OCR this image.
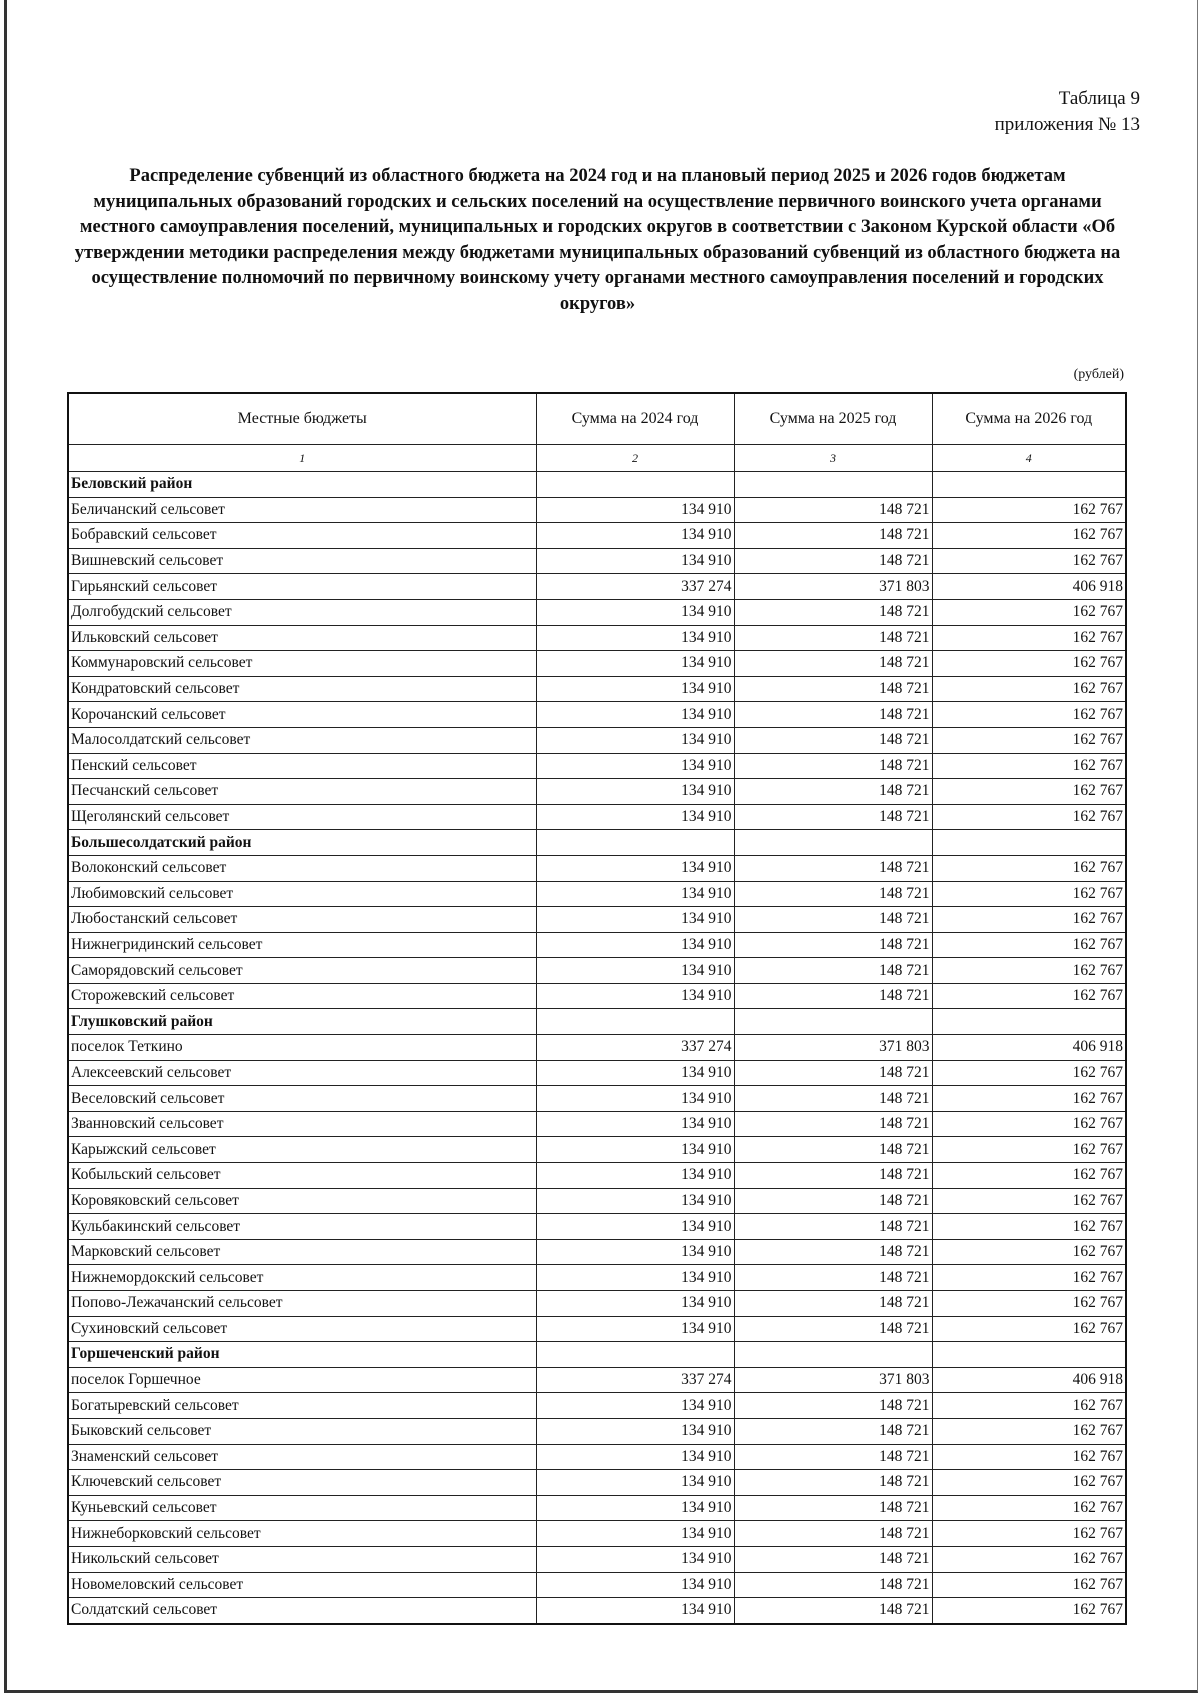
Таблица 9
приложения № 13
Распределение субвенций из областного бюджета на 2024 год и на плановый период 2025 и 2026 годов бюджетам муниципальных образований городских и сельских поселений на осуществление первичного воинского учета органами местного самоуправления поселений, муниципальных и городских округов в соответствии с Законом Курской области «Об утверждении методики распределения между бюджетами муниципальных образований субвенций из областного бюджета на осуществление полномочий по первичному воинскому учету органами местного самоуправления поселений и городских округов»
(рублей)
Местные бюджеты	Сумма на 2024 год	Сумма на 2025 год	Сумма на 2026 год
1	2	3	4
Беловский район			
Беличанский сельсовет	134 910	148 721	162 767
Бобравский сельсовет	134 910	148 721	162 767
Вишневский сельсовет	134 910	148 721	162 767
Гирьянский сельсовет	337 274	371 803	406 918
Долгобудский сельсовет	134 910	148 721	162 767
Ильковский сельсовет	134 910	148 721	162 767
Коммунаровский сельсовет	134 910	148 721	162 767
Кондратовский сельсовет	134 910	148 721	162 767
Корочанский сельсовет	134 910	148 721	162 767
Малосолдатский сельсовет	134 910	148 721	162 767
Пенский сельсовет	134 910	148 721	162 767
Песчанский сельсовет	134 910	148 721	162 767
Щеголянский сельсовет	134 910	148 721	162 767
Большесолдатский район			
Волоконский сельсовет	134 910	148 721	162 767
Любимовский сельсовет	134 910	148 721	162 767
Любостанский сельсовет	134 910	148 721	162 767
Нижнегридинский сельсовет	134 910	148 721	162 767
Саморядовский сельсовет	134 910	148 721	162 767
Сторожевский сельсовет	134 910	148 721	162 767
Глушковский район			
поселок Теткино	337 274	371 803	406 918
Алексеевский сельсовет	134 910	148 721	162 767
Веселовский сельсовет	134 910	148 721	162 767
Званновский сельсовет	134 910	148 721	162 767
Карыжский сельсовет	134 910	148 721	162 767
Кобыльский сельсовет	134 910	148 721	162 767
Коровяковский сельсовет	134 910	148 721	162 767
Кульбакинский сельсовет	134 910	148 721	162 767
Марковский сельсовет	134 910	148 721	162 767
Нижнемордокский сельсовет	134 910	148 721	162 767
Попово-Лежачанский сельсовет	134 910	148 721	162 767
Сухиновский сельсовет	134 910	148 721	162 767
Горшеченский район			
поселок Горшечное	337 274	371 803	406 918
Богатыревский сельсовет	134 910	148 721	162 767
Быковский сельсовет	134 910	148 721	162 767
Знаменский сельсовет	134 910	148 721	162 767
Ключевский сельсовет	134 910	148 721	162 767
Куньевский сельсовет	134 910	148 721	162 767
Нижнеборковский сельсовет	134 910	148 721	162 767
Никольский сельсовет	134 910	148 721	162 767
Новомеловский сельсовет	134 910	148 721	162 767
Солдатский сельсовет	134 910	148 721	162 767
